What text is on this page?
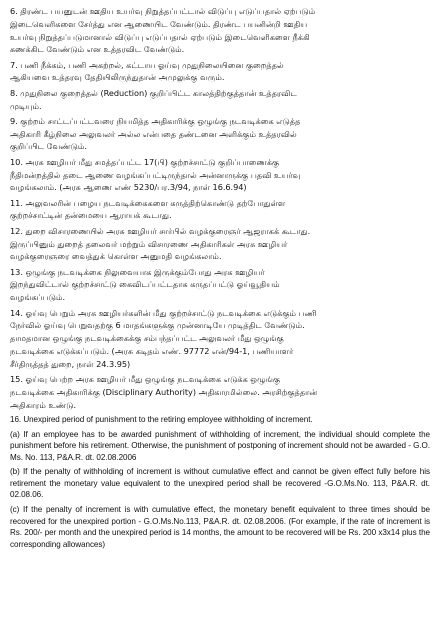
6. திரண்ட பயனுடன் ஊதிய உயர்வு நிறுத்தப்பட்டால் விடுப்பு எடுப்பதால் ஏற்படும்
இடைவெளிகளை சேர்த்து என ஆணையிட வேண்டும். திரண்ட பயனின்றி ஊதிய
உயர்வு நிறுத்தப்படுமானால் விடுப்பு எடுப்பதால் ஏற்படும் இடைவெளிகளை நீக்கி
கணக்கிட வேண்டும் என உத்தரவிட வேண்டும்.

7. பணி நீக்கம், பணி அகற்றல், கட்டாய ஓய்வு முதுநிலையினை குறைத்தல்
ஆகியவை உத்தரவு தேதியிலிருந்துதான் அமுலுக்கு வரும்.

8. முதுநிலை குறைத்தல் (Reduction) குறிப்பிட்ட காலத்திற்குத்தான் உத்தரவிட
முடியும்.

9. குற்றம் சாட்டப்பட்டவரை நியமித்த அதிகாரிக்கு ஒழுங்கு நடவடிக்கை எடுத்த
அதிகாரி கீழ்நிலை அலுவலர் அல்ல என்பதை தண்டனை அளிக்கும் உத்தரவில்
குறிப்பிட வேண்டும்.

10. அரசு ஊழியர் மீது சமத்தப்பட்ட 17(பி) குற்றச்சாட்டு குறிப்பாணைக்கு
நீதிமன்றத்தில் தடை ஆணை வழங்கப்பட்டிருந்தால் அன்னாருக்கு பதவி உயர்வு
வழங்கலாம். (அரசு ஆணை எண் 5230/பர.3/94, நாள் 16.6.94)

11. அலுவலரின் பழைய நடவடிக்கைகளை கருத்திற்கொண்டு தற்போதுள்ள
குற்றச்சாட்டின் தன்மையை ஆராயக் கூடாது.

12. துறை விசாரணையில் அரசு ஊழியர் சார்பில் வழக்குரைஞர் ஆஜராகக் கூடாது.
இருப்பினும் துறைத் தலைவர் மற்றும் விசாரணை அதிகாரிகள் அரசு ஊழியர்
வழக்குரைஞரை வைத்துக் கொள்ள அனுமதி வழங்கலாம்.

13. ஒழுங்கு நடவடிக்கை நிலுவையாக இருக்கும்போது அரசு ஊழியர்
இறந்துவிட்டால் குற்றச்சாட்டு கைவிடப்பட்டதாக கருதப்பட்டு ஓய்வூதியம்
வழங்கப்படும்.

14. ஓய்வு பெறும் அரசு ஊழியர்களின் மீது குற்றச்சாட்டு நடவடிக்கை எடுக்கும் பணி
நேர்வில் ஓய்வு பெறுவதற்கு 6 மாதங்களுக்கு முன்னாடியே முடித்திட வேண்டும்.
தாமதமான ஒழுங்கு நடவடிக்கைக்கு சம்பந்தப்பட்ட அலுவலர் மீது ஒழுங்கு
நடவடிக்கை எடுக்கப்படும். (அரசு கடிதம் எண். 97772 என்/94-1, பணியாளர்
சீர்திருத்தத் துறை, நாள் 24.3.95)

15. ஓய்வு பெற்ற அரசு ஊழியர் மீது ஒழுங்கு நடவடிக்கை எடுக்க ஒழுங்கு
நடவடிக்கை அதிகாரிக்கு (Disciplinary Authority) அதிகாரமில்லை. அரசிற்குத்தான்
அதிகாரம் உண்டு.

16. Unexpired period of punishment to the retiring employee withholding of increment.

(a) If an employee has to be awarded punishment of withholding of increment, the individual should complete the punishment before his retirement. Otherwise, the punishment of postponing of increment should not be awarded - G.O. Ms. No. 113, P&A.R. dt. 02.08.2006

(b) If the penalty of withholding of increment is without cumulative effect and cannot be given effect fully before his retirement the monetary value equivalent to the unexpired period shall be recovered -G.O.Ms.No. 113, P&A.R. dt. 02.08.06.

(c) If the penalty of increment is with cumulative effect, the monetary benefit equivalent to three times should be recovered for the unexpired portion - G.O.Ms.No.113, P&A.R. dt. 02.08.2006. (For example, if the rate of increment is Rs. 200/- per month and the unexpired period is 14 months, the amount to be recovered will be Rs. 200 x3x14 plus the corresponding allowances)
